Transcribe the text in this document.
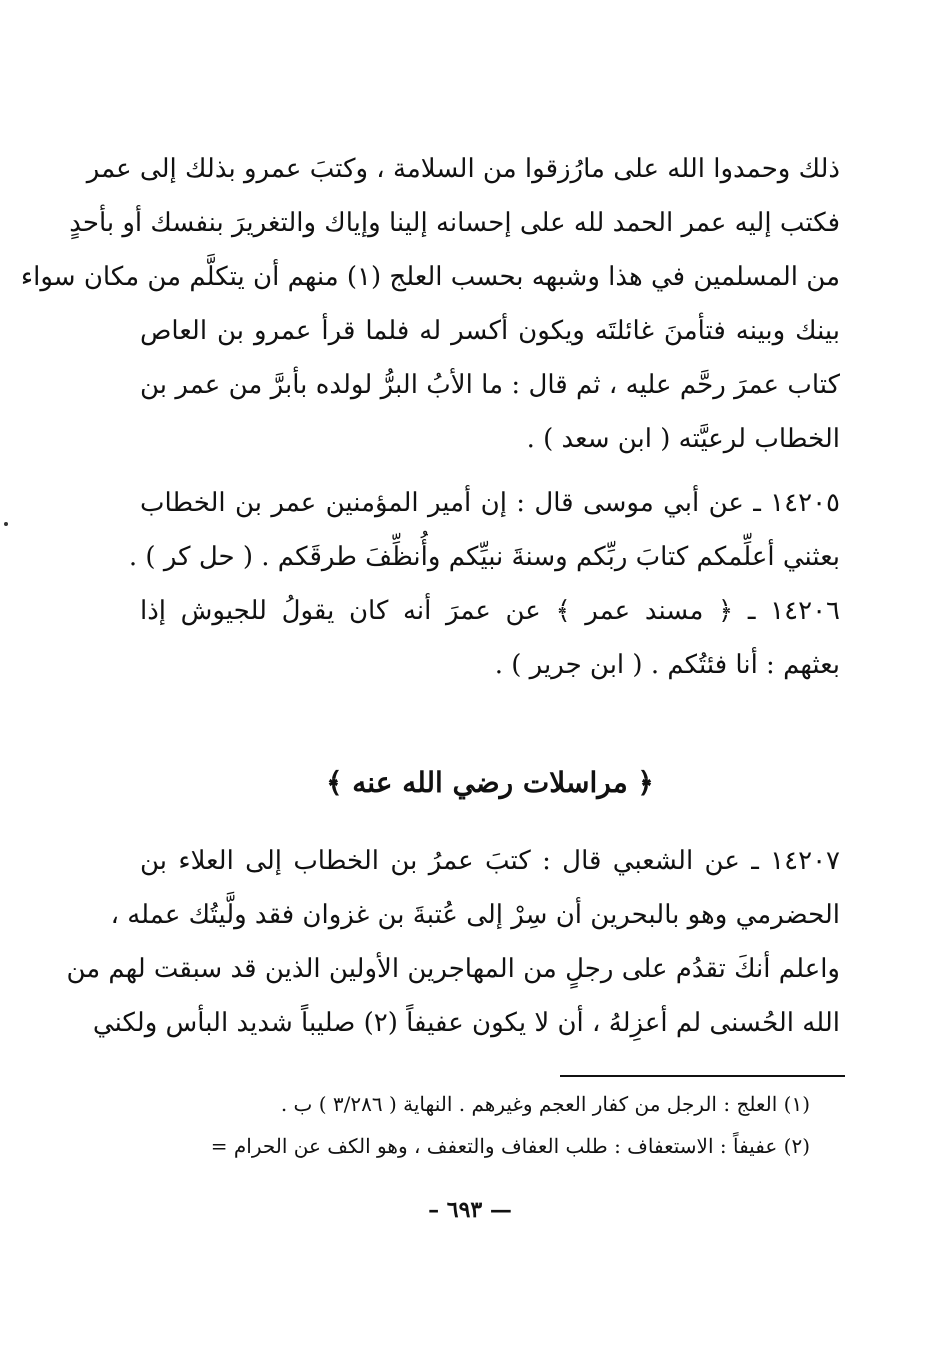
ذلك وحمدوا الله على مارُزقوا من السلامة ، وكتبَ عمرو بذلك إلى عمر
فكتب إليه عمر الحمد لله على إحسانه إلينا وإياك والتغريرَ بنفسك أو بأحدٍ
من المسلمين في هذا وشبهه بحسب العلج (١) منهم أن يتكلَّم من مكان سواء
بينك وبينه فتأمنَ غائلتَه ويكون أكسر له فلما قرأ عمرو بن العاص
كتاب عمرَ رحَّم عليه ، ثم قال : ما الأبُ البرُّ لولده بأبرَّ من عمر بن
الخطاب لرعيَّته ( ابن سعد ) .
١٤٢٠٥ ـ عن أبي موسى قال : إن أمير المؤمنين عمر بن الخطاب
بعثني أعلِّمكم كتابَ ربِّكم وسنةَ نبيِّكم وأُنظِّفَ طرقَكم . ( حل كر ) .
١٤٢٠٦ ـ ﴿ مسند عمر ﴾ عن عمرَ أنه كان يقولُ للجيوش إذا
بعثهم : أنا فئتُكم . ( ابن جرير ) .
﴿ مراسلات رضي الله عنه ﴾
١٤٢٠٧ ـ عن الشعبي قال : كتبَ عمرُ بن الخطاب إلى العلاء بن
الحضرمي وهو بالبحرين أن سِرْ إلى عُتبةَ بن غزوان فقد ولَّيتُك عمله ،
واعلم أنكَ تقدُم على رجلٍ من المهاجرين الأولين الذين قد سبقت لهم من
الله الحُسنى لم أعزِلهُ ، أن لا يكون عفيفاً (٢) صليباً شديد البأس ولكني
(١) العلج : الرجل من كفار العجم وغيرهم . النهاية ( ٣/٢٨٦ ) ب .
(٢) عفيفاً : الاستعفاف : طلب العفاف والتعفف ، وهو الكف عن الحرام =
— ٦٩٣ –
